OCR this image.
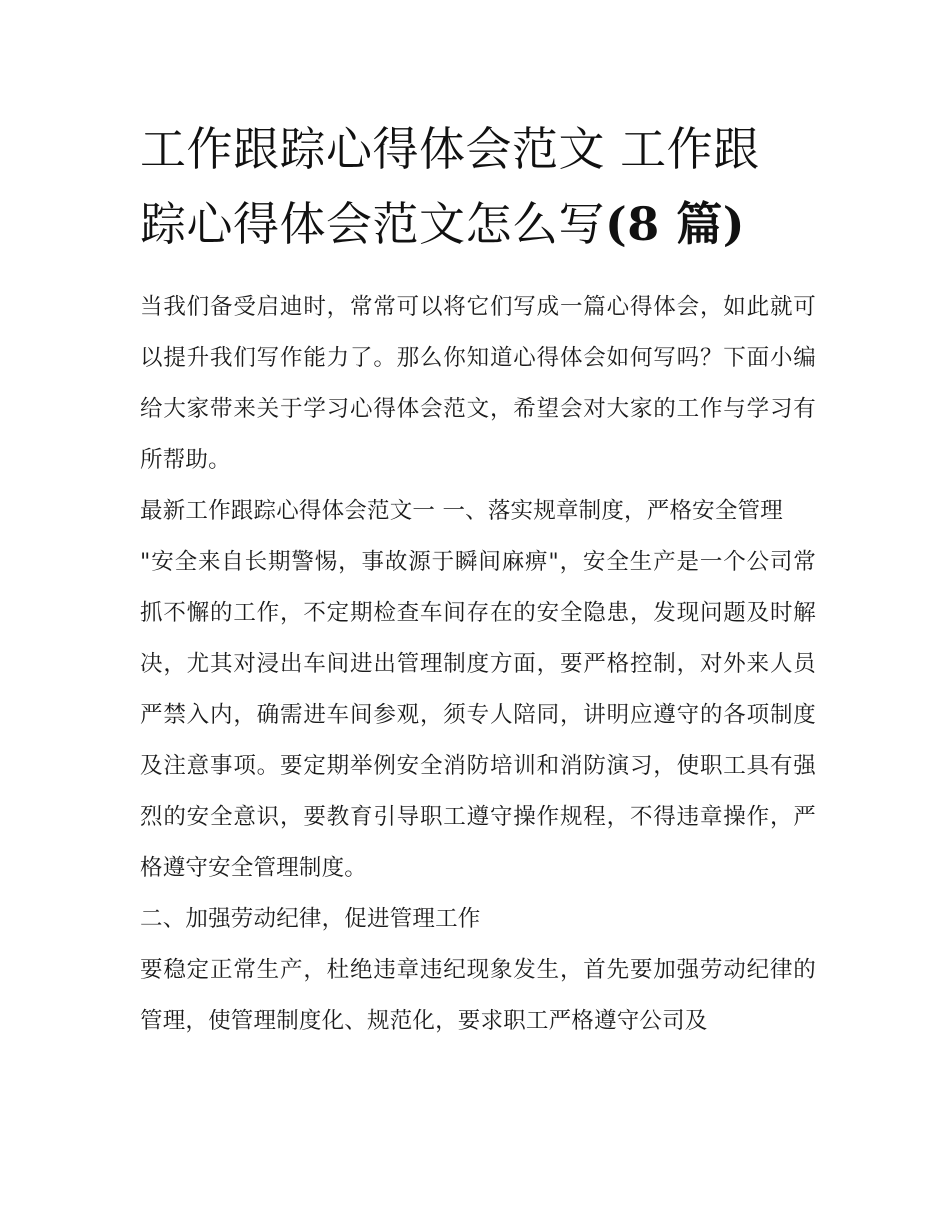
工作跟踪心得体会范文 工作跟
踪心得体会范文怎么写(8 篇)

当我们备受启迪时，常常可以将它们写成一篇心得体会，如此就可以提升我们写作能力了。那么你知道心得体会如何写吗？下面小编给大家带来关于学习心得体会范文，希望会对大家的工作与学习有所帮助。

最新工作跟踪心得体会范文一 一、落实规章制度，严格安全管理

"安全来自长期警惕，事故源于瞬间麻痹"，安全生产是一个公司常抓不懈的工作，不定期检查车间存在的安全隐患，发现问题及时解决，尤其对浸出车间进出管理制度方面，要严格控制，对外来人员严禁入内，确需进车间参观，须专人陪同，讲明应遵守的各项制度及注意事项。要定期举例安全消防培训和消防演习，使职工具有强烈的安全意识，要教育引导职工遵守操作规程，不得违章操作，严格遵守安全管理制度。

二、加强劳动纪律，促进管理工作

要稳定正常生产，杜绝违章违纪现象发生，首先要加强劳动纪律的管理，使管理制度化、规范化，要求职工严格遵守公司及
